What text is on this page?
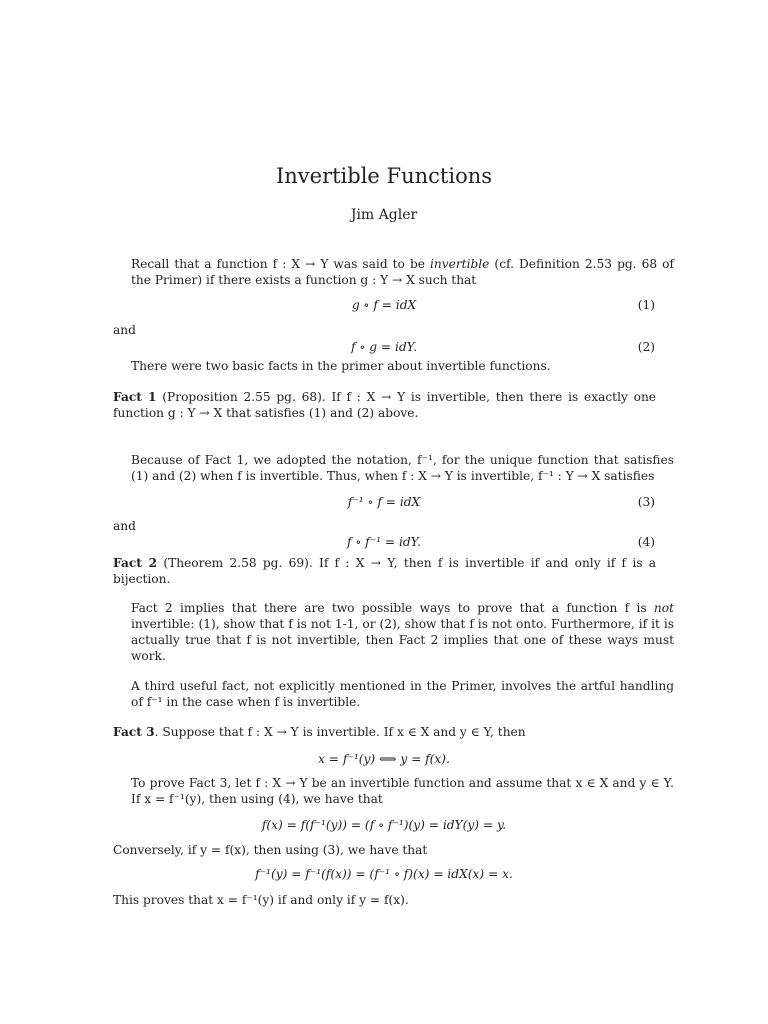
Invertible Functions
Jim Agler
Recall that a function f : X → Y was said to be invertible (cf. Definition 2.53 pg. 68 of the Primer) if there exists a function g : Y → X such that
g ∘ f = idX	(1)
and
f ∘ g = idY.	(2)
There were two basic facts in the primer about invertible functions.
Fact 1 (Proposition 2.55 pg. 68). If f : X → Y is invertible, then there is exactly one function g : Y → X that satisfies (1) and (2) above.
Because of Fact 1, we adopted the notation, f⁻¹, for the unique function that satisfies (1) and (2) when f is invertible. Thus, when f : X → Y is invertible, f⁻¹ : Y → X satisfies
f⁻¹ ∘ f = idX	(3)
and
f ∘ f⁻¹ = idY.	(4)
Fact 2 (Theorem 2.58 pg. 69). If f : X → Y, then f is invertible if and only if f is a bijection.
Fact 2 implies that there are two possible ways to prove that a function f is not invertible: (1), show that f is not 1-1, or (2), show that f is not onto. Furthermore, if it is actually true that f is not invertible, then Fact 2 implies that one of these ways must work.
A third useful fact, not explicitly mentioned in the Primer, involves the artful handling of f⁻¹ in the case when f is invertible.
Fact 3. Suppose that f : X → Y is invertible. If x ∈ X and y ∈ Y, then
x = f⁻¹(y) ⟺ y = f(x).
To prove Fact 3, let f : X → Y be an invertible function and assume that x ∈ X and y ∈ Y. If x = f⁻¹(y), then using (4), we have that
f(x) = f(f⁻¹(y)) = (f ∘ f⁻¹)(y) = idY(y) = y.
Conversely, if y = f(x), then using (3), we have that
f⁻¹(y) = f⁻¹(f(x)) = (f⁻¹ ∘ f)(x) = idX(x) = x.
This proves that x = f⁻¹(y) if and only if y = f(x).
